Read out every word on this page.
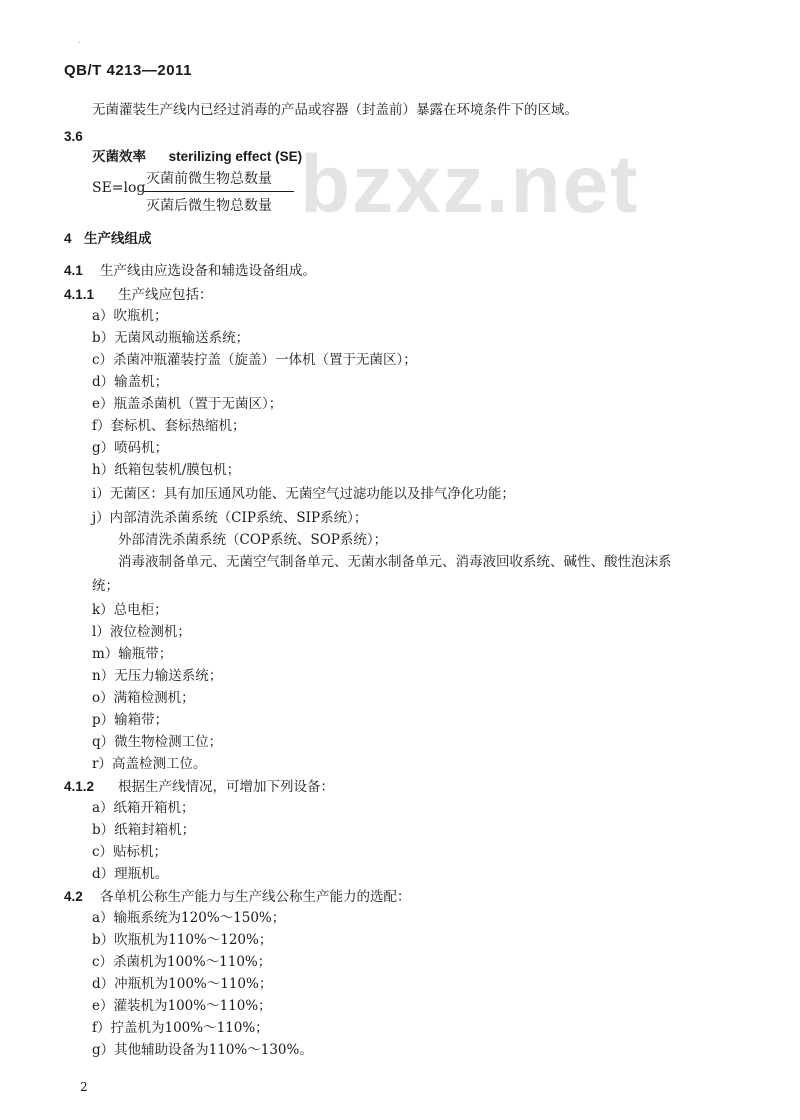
.
bzxz.net
QB/T 4213—2011
无菌灌装生产线内已经过消毒的产品或容器（封盖前）暴露在环境条件下的区域。
3.6
灭菌效率 sterilizing effect (SE)
SE=log
灭菌前微生物总数量
灭菌后微生物总数量
4 生产线组成
4.1 生产线由应选设备和辅选设备组成。
4.1.1 生产线应包括：
a）吹瓶机；
b）无菌风动瓶输送系统；
c）杀菌冲瓶灌装拧盖（旋盖）一体机（置于无菌区）；
d）输盖机；
e）瓶盖杀菌机（置于无菌区）；
f）套标机、套标热缩机；
g）喷码机；
h）纸箱包装机/膜包机；
i）无菌区：具有加压通风功能、无菌空气过滤功能以及排气净化功能；
j）内部清洗杀菌系统（CIP系统、SIP系统）；
外部清洗杀菌系统（COP系统、SOP系统）；
消毒液制备单元、无菌空气制备单元、无菌水制备单元、消毒液回收系统、碱性、酸性泡沫系
统；
k）总电柜；
l）液位检测机；
m）输瓶带；
n）无压力输送系统；
o）满箱检测机；
p）输箱带；
q）微生物检测工位；
r）高盖检测工位。
4.1.2 根据生产线情况，可增加下列设备：
a）纸箱开箱机；
b）纸箱封箱机；
c）贴标机；
d）理瓶机。
4.2 各单机公称生产能力与生产线公称生产能力的选配：
a）输瓶系统为120%～150%；
b）吹瓶机为110%～120%；
c）杀菌机为100%～110%；
d）冲瓶机为100%～110%；
e）灌装机为100%～110%；
f）拧盖机为100%～110%；
g）其他辅助设备为110%～130%。
2
